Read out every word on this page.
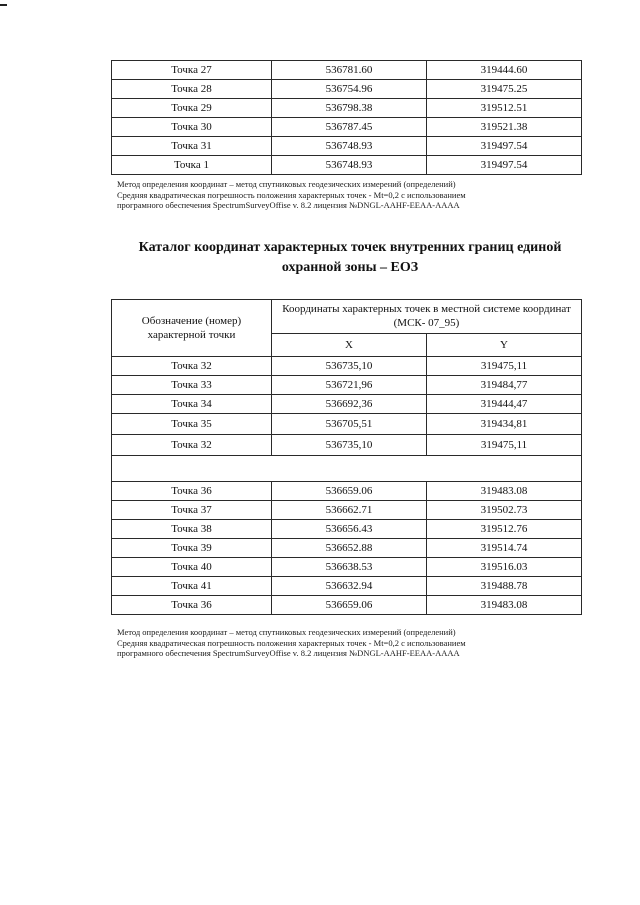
Точка 27	536781.60	319444.60
Точка 28	536754.96	319475.25
Точка 29	536798.38	319512.51
Точка 30	536787.45	319521.38
Точка 31	536748.93	319497.54
Точка 1	536748.93	319497.54
Метод определения координат – метод спутниковых геодезических измерений (определений)
Средняя квадратическая погрешность положения характерных точек - Mt=0,2 с использованием
програмного обеспечения SpectrumSurveyOffise v. 8.2 лицензия №DNGL-AAHF-EEAA-AAAA
Каталог координат характерных точек внутренних границ единой
охранной зоны – ЕОЗ
Обозначение (номер) характерной точки	Координаты характерных точек в местной системе координат (МСК- 07_95)	
	X	Y
Точка 32	536735,10	319475,11
Точка 33	536721,96	319484,77
Точка 34	536692,36	319444,47
Точка 35	536705,51	319434,81
Точка 32	536735,10	319475,11

Точка 36	536659.06	319483.08
Точка 37	536662.71	319502.73
Точка 38	536656.43	319512.76
Точка 39	536652.88	319514.74
Точка 40	536638.53	319516.03
Точка 41	536632.94	319488.78
Точка 36	536659.06	319483.08
Метод определения координат – метод спутниковых геодезических измерений (определений)
Средняя квадратическая погрешность положения характерных точек - Mt=0,2 с использованием
програмного обеспечения SpectrumSurveyOffise v. 8.2 лицензия №DNGL-AAHF-EEAA-AAAA
